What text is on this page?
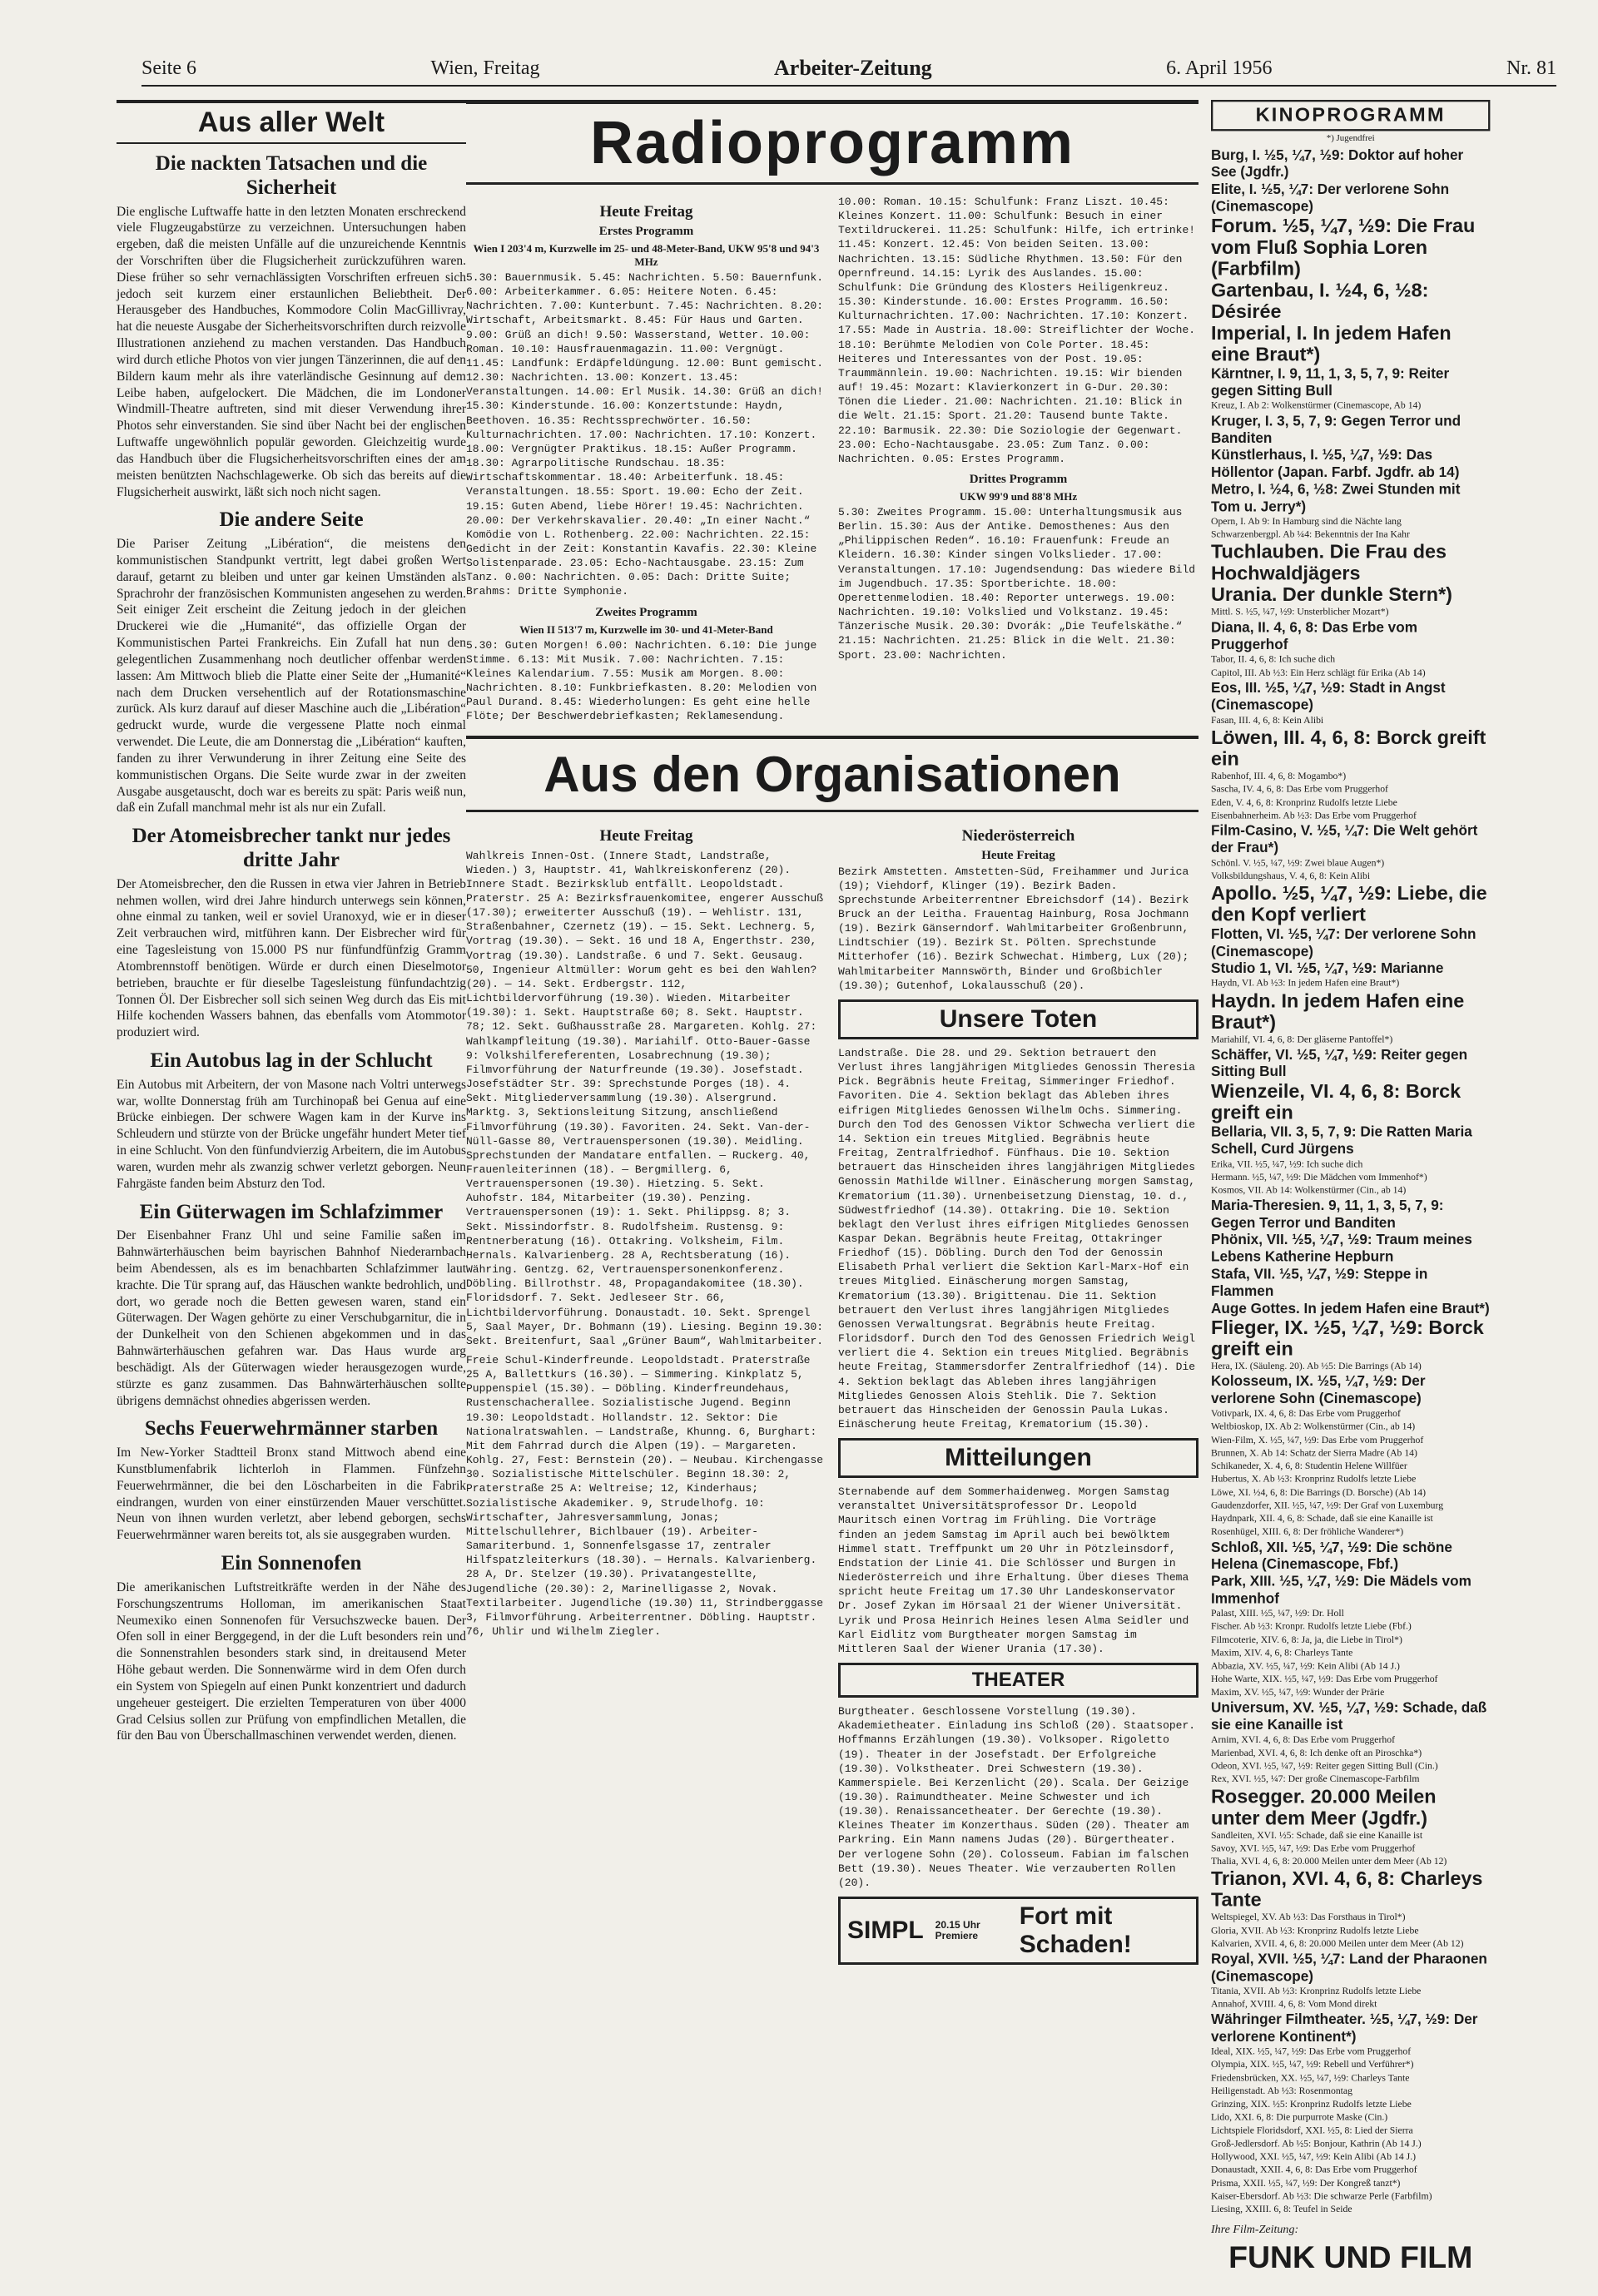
Seite 6	Wien, Freitag	Arbeiter-Zeitung	6. April 1956	Nr. 81
Aus aller Welt
Die nackten Tatsachen und die Sicherheit
Die englische Luftwaffe hatte in den letzten Monaten erschreckend viele Flugzeugabstürze zu verzeichnen. Untersuchungen haben ergeben, daß die meisten Unfälle auf die unzureichende Kenntnis der Vorschriften über die Flugsicherheit zurückzuführen waren. Diese früher so sehr vernachlässigten Vorschriften erfreuen sich jedoch seit kurzem einer erstaunlichen Beliebtheit. Der Herausgeber des Handbuches, Kommodore Colin MacGillivray, hat die neueste Ausgabe der Sicherheitsvorschriften durch reizvolle Illustrationen anziehend zu machen verstanden. Das Handbuch wird durch etliche Photos von vier jungen Tänzerinnen, die auf den Bildern kaum mehr als ihre vaterländische Gesinnung auf dem Leibe haben, aufgelockert. Die Mädchen, die im Londoner Windmill-Theatre auftreten, sind mit dieser Verwendung ihrer Photos sehr einverstanden. Sie sind über Nacht bei der englischen Luftwaffe ungewöhnlich populär geworden. Gleichzeitig wurde das Handbuch über die Flugsicherheitsvorschriften eines der am meisten benützten Nachschlagewerke. Ob sich das bereits auf die Flugsicherheit auswirkt, läßt sich noch nicht sagen.
Die andere Seite
Die Pariser Zeitung „Libération“, die meistens den kommunistischen Standpunkt vertritt, legt dabei großen Wert darauf, getarnt zu bleiben und unter gar keinen Umständen als Sprachrohr der französischen Kommunisten angesehen zu werden. Seit einiger Zeit erscheint die Zeitung jedoch in der gleichen Druckerei wie die „Humanité“, das offizielle Organ der Kommunistischen Partei Frankreichs. Ein Zufall hat nun den gelegentlichen Zusammenhang noch deutlicher offenbar werden lassen: Am Mittwoch blieb die Platte einer Seite der „Humanité“ nach dem Drucken versehentlich auf der Rotationsmaschine zurück. Als kurz darauf auf dieser Maschine auch die „Libération“ gedruckt wurde, wurde die vergessene Platte noch einmal verwendet. Die Leute, die am Donnerstag die „Libération“ kauften, fanden zu ihrer Verwunderung in ihrer Zeitung eine Seite des kommunistischen Organs. Die Seite wurde zwar in der zweiten Ausgabe ausgetauscht, doch war es bereits zu spät: Paris weiß nun, daß ein Zufall manchmal mehr ist als nur ein Zufall.
Der Atomeisbrecher tankt nur jedes dritte Jahr
Der Atomeisbrecher, den die Russen in etwa vier Jahren in Betrieb nehmen wollen, wird drei Jahre hindurch unterwegs sein können, ohne einmal zu tanken, weil er soviel Uranoxyd, wie er in dieser Zeit verbrauchen wird, mitführen kann. Der Eisbrecher wird für eine Tagesleistung von 15.000 PS nur fünfundfünfzig Gramm Atombrennstoff benötigen. Würde er durch einen Dieselmotor betrieben, brauchte er für dieselbe Tagesleistung fünfundachtzig Tonnen Öl. Der Eisbrecher soll sich seinen Weg durch das Eis mit Hilfe kochenden Wassers bahnen, das ebenfalls vom Atommotor produziert wird.
Ein Autobus lag in der Schlucht
Ein Autobus mit Arbeitern, der von Masone nach Voltri unterwegs war, wollte Donnerstag früh am Turchinopaß bei Genua auf eine Brücke einbiegen. Der schwere Wagen kam in der Kurve ins Schleudern und stürzte von der Brücke ungefähr hundert Meter tief in eine Schlucht. Von den fünfundvierzig Arbeitern, die im Autobus waren, wurden mehr als zwanzig schwer verletzt geborgen. Neun Fahrgäste fanden beim Absturz den Tod.
Ein Güterwagen im Schlafzimmer
Der Eisenbahner Franz Uhl und seine Familie saßen im Bahnwärterhäuschen beim bayrischen Bahnhof Niederarnbach beim Abendessen, als es im benachbarten Schlafzimmer laut krachte. Die Tür sprang auf, das Häuschen wankte bedrohlich, und dort, wo gerade noch die Betten gewesen waren, stand ein Güterwagen. Der Wagen gehörte zu einer Verschubgarnitur, die in der Dunkelheit von den Schienen abgekommen und in das Bahnwärterhäuschen gefahren war. Das Haus wurde arg beschädigt. Als der Güterwagen wieder herausgezogen wurde, stürzte es ganz zusammen. Das Bahnwärterhäuschen sollte übrigens demnächst ohnedies abgerissen werden.
Sechs Feuerwehrmänner starben
Im New-Yorker Stadtteil Bronx stand Mittwoch abend eine Kunstblumenfabrik lichterloh in Flammen. Fünfzehn Feuerwehrmänner, die bei den Löscharbeiten in die Fabrik eindrangen, wurden von einer einstürzenden Mauer verschüttet. Neun von ihnen wurden verletzt, aber lebend geborgen, sechs Feuerwehrmänner waren bereits tot, als sie ausgegraben wurden.
Ein Sonnenofen
Die amerikanischen Luftstreitkräfte werden in der Nähe des Forschungszentrums Holloman, im amerikanischen Staat Neumexiko einen Sonnenofen für Versuchszwecke bauen. Der Ofen soll in einer Berggegend, in der die Luft besonders rein und die Sonnenstrahlen besonders stark sind, in dreitausend Meter Höhe gebaut werden. Die Sonnenwärme wird in dem Ofen durch ein System von Spiegeln auf einen Punkt konzentriert und dadurch ungeheuer gesteigert. Die erzielten Temperaturen von über 4000 Grad Celsius sollen zur Prüfung von empfindlichen Metallen, die für den Bau von Überschallmaschinen verwendet werden, dienen.
Radioprogramm
Heute Freitag
Erstes Programm
Wien I 203'4 m, Kurzwelle im 25- und 48-Meter-Band, UKW 95'8 und 94'3 MHz
5.30: Bauernmusik. 5.45: Nachrichten. 5.50: Bauernfunk. 6.00: Arbeiterkammer. 6.05: Heitere Noten. 6.45: Nachrichten. 7.00: Kunterbunt. 7.45: Nachrichten. 8.20: Wirtschaft, Arbeitsmarkt. 8.45: Für Haus und Garten. 9.00: Grüß an dich! 9.50: Wasserstand, Wetter. 10.00: Roman. 10.10: Hausfrauenmagazin. 11.00: Vergnügt. 11.45: Landfunk: Erdäpfeldüngung. 12.00: Bunt gemischt. 12.30: Nachrichten. 13.00: Konzert. 13.45: Veranstaltungen. 14.00: Erl Musik. 14.30: Grüß an dich! 15.30: Kinderstunde. 16.00: Konzertstunde: Haydn, Beethoven. 16.35: Rechtssprechwörter. 16.50: Kulturnachrichten. 17.00: Nachrichten. 17.10: Konzert. 18.00: Vergnügter Praktikus. 18.15: Außer Programm. 18.30: Agrarpolitische Rundschau. 18.35: Wirtschaftskommentar. 18.40: Arbeiterfunk. 18.45: Veranstaltungen. 18.55: Sport. 19.00: Echo der Zeit. 19.15: Guten Abend, liebe Hörer! 19.45: Nachrichten. 20.00: Der Verkehrskavalier. 20.40: „In einer Nacht.“ Komödie von L. Rothenberg. 22.00: Nachrichten. 22.15: Gedicht in der Zeit: Konstantin Kavafis. 22.30: Kleine Solistenparade. 23.05: Echo-Nachtausgabe. 23.15: Zum Tanz. 0.00: Nachrichten. 0.05: Dach: Dritte Suite; Brahms: Dritte Symphonie.
Zweites Programm
Wien II 513'7 m, Kurzwelle im 30- und 41-Meter-Band
5.30: Guten Morgen! 6.00: Nachrichten. 6.10: Die junge Stimme. 6.13: Mit Musik. 7.00: Nachrichten. 7.15: Kleines Kalendarium. 7.55: Musik am Morgen. 8.00: Nachrichten. 8.10: Funkbriefkasten. 8.20: Melodien von Paul Durand. 8.45: Wiederholungen: Es geht eine helle Flöte; Der Beschwerdebriefkasten; Reklamesendung.
10.00: Roman. 10.15: Schulfunk: Franz Liszt. 10.45: Kleines Konzert. 11.00: Schulfunk: Besuch in einer Textildruckerei. 11.25: Schulfunk: Hilfe, ich ertrinke! 11.45: Konzert. 12.45: Von beiden Seiten. 13.00: Nachrichten. 13.15: Südliche Rhythmen. 13.50: Für den Opernfreund. 14.15: Lyrik des Auslandes. 15.00: Schulfunk: Die Gründung des Klosters Heiligenkreuz. 15.30: Kinderstunde. 16.00: Erstes Programm. 16.50: Kulturnachrichten. 17.00: Nachrichten. 17.10: Konzert. 17.55: Made in Austria. 18.00: Streiflichter der Woche. 18.10: Berühmte Melodien von Cole Porter. 18.45: Heiteres und Interessantes von der Post. 19.05: Traummännlein. 19.00: Nachrichten. 19.15: Wir bienden auf! 19.45: Mozart: Klavierkonzert in G-Dur. 20.30: Tönen die Lieder. 21.00: Nachrichten. 21.10: Blick in die Welt. 21.15: Sport. 21.20: Tausend bunte Takte. 22.10: Barmusik. 22.30: Die Soziologie der Gegenwart. 23.00: Echo-Nachtausgabe. 23.05: Zum Tanz. 0.00: Nachrichten. 0.05: Erstes Programm.
Drittes Programm
UKW 99'9 und 88'8 MHz
5.30: Zweites Programm. 15.00: Unterhaltungsmusik aus Berlin. 15.30: Aus der Antike. Demosthenes: Aus den „Philippischen Reden“. 16.10: Frauenfunk: Freude an Kleidern. 16.30: Kinder singen Volkslieder. 17.00: Veranstaltungen. 17.10: Jugendsendung: Das wiedere Bild im Jugendbuch. 17.35: Sportberichte. 18.00: Operettenmelodien. 18.40: Reporter unterwegs. 19.00: Nachrichten. 19.10: Volkslied und Volkstanz. 19.45: Tänzerische Musik. 20.30: Dvorák: „Die Teufelskäthe.“ 21.15: Nachrichten. 21.25: Blick in die Welt. 21.30: Sport. 23.00: Nachrichten.
Aus den Organisationen
Heute Freitag
Wahlkreis Innen-Ost. (Innere Stadt, Landstraße, Wieden.) 3, Hauptstr. 41, Wahlkreiskonferenz (20). Innere Stadt. Bezirksklub entfällt. Leopoldstadt. Praterstr. 25 A: Bezirksfrauenkomitee, engerer Ausschuß (17.30); erweiterter Ausschuß (19). — Wehlistr. 131, Straßenbahner, Czernetz (19). — 15. Sekt. Lechnerg. 5, Vortrag (19.30). — Sekt. 16 und 18 A, Engerthstr. 230, Vortrag (19.30). Landstraße. 6 und 7. Sekt. Geusaug. 50, Ingenieur Altmüller: Worum geht es bei den Wahlen? (20). — 14. Sekt. Erdbergstr. 112, Lichtbildervorführung (19.30). Wieden. Mitarbeiter (19.30): 1. Sekt. Hauptstraße 60; 8. Sekt. Hauptstr. 78; 12. Sekt. Gußhausstraße 28. Margareten. Kohlg. 27: Wahlkampfleitung (19.30). Mariahilf. Otto-Bauer-Gasse 9: Volkshilfereferenten, Losabrechnung (19.30); Filmvorführung der Naturfreunde (19.30). Josefstadt. Josefstädter Str. 39: Sprechstunde Porges (18). 4. Sekt. Mitgliederversammlung (19.30). Alsergrund. Marktg. 3, Sektionsleitung Sitzung, anschließend Filmvorführung (19.30). Favoriten. 24. Sekt. Van-der-Nüll-Gasse 80, Vertrauenspersonen (19.30). Meidling. Sprechstunden der Mandatare entfallen. — Ruckerg. 40, Frauenleiterinnen (18). — Bergmillerg. 6, Vertrauenspersonen (19.30). Hietzing. 5. Sekt. Auhofstr. 184, Mitarbeiter (19.30). Penzing. Vertrauenspersonen (19): 1. Sekt. Philippsg. 8; 3. Sekt. Missindorfstr. 8. Rudolfsheim. Rustensg. 9: Rentnerberatung (16). Ottakring. Volksheim, Film. Hernals. Kalvarienberg. 28 A, Rechtsberatung (16). Währing. Gentzg. 62, Vertrauenspersonenkonferenz. Döbling. Billrothstr. 48, Propagandakomitee (18.30). Floridsdorf. 7. Sekt. Jedleseer Str. 66, Lichtbildervorführung. Donaustadt. 10. Sekt. Sprengel 5, Saal Mayer, Dr. Bohmann (19). Liesing. Beginn 19.30: Sekt. Breitenfurt, Saal „Grüner Baum“, Wahlmitarbeiter.
Freie Schul-Kinderfreunde. Leopoldstadt. Praterstraße 25 A, Ballettkurs (16.30). — Simmering. Kinkplatz 5, Puppenspiel (15.30). — Döbling. Kinderfreundehaus, Rustenschacherallee. Sozialistische Jugend. Beginn 19.30: Leopoldstadt. Hollandstr. 12. Sektor: Die Nationalratswahlen. — Landstraße, Khunng. 6, Burghart: Mit dem Fahrrad durch die Alpen (19). — Margareten. Kohlg. 27, Fest: Bernstein (20). — Neubau. Kirchengasse 30. Sozialistische Mittelschüler. Beginn 18.30: 2, Praterstraße 25 A: Weltreise; 12, Kinderhaus; Sozialistische Akademiker. 9, Strudelhofg. 10: Wirtschafter, Jahresversammlung, Jonas; Mittelschullehrer, Bichlbauer (19). Arbeiter-Samariterbund. 1, Sonnenfelsgasse 17, zentraler Hilfspatzleiterkurs (18.30). — Hernals. Kalvarienberg. 28 A, Dr. Stelzer (19.30). Privatangestellte, Jugendliche (20.30): 2, Marinelligasse 2, Novak. Textilarbeiter. Jugendliche (19.30) 11, Strindberggasse 3, Filmvorführung. Arbeiterrentner. Döbling. Hauptstr. 76, Uhlir und Wilhelm Ziegler.
Niederösterreich
Heute Freitag
Bezirk Amstetten. Amstetten-Süd, Freihammer und Jurica (19); Viehdorf, Klinger (19). Bezirk Baden. Sprechstunde Arbeiterrentner Ebreichsdorf (14). Bezirk Bruck an der Leitha. Frauentag Hainburg, Rosa Jochmann (19). Bezirk Gänserndorf. Wahlmitarbeiter Großenbrunn, Lindtschier (19). Bezirk St. Pölten. Sprechstunde Mitterhofer (16). Bezirk Schwechat. Himberg, Lux (20); Wahlmitarbeiter Mannswörth, Binder und Großbichler (19.30); Gutenhof, Lokalausschuß (20).
Unsere Toten
Landstraße. Die 28. und 29. Sektion betrauert den Verlust ihres langjährigen Mitgliedes Genossin Theresia Pick. Begräbnis heute Freitag, Simmeringer Friedhof. Favoriten. Die 4. Sektion beklagt das Ableben ihres eifrigen Mitgliedes Genossen Wilhelm Ochs. Simmering. Durch den Tod des Genossen Viktor Schwecha verliert die 14. Sektion ein treues Mitglied. Begräbnis heute Freitag, Zentralfriedhof. Fünfhaus. Die 10. Sektion betrauert das Hinscheiden ihres langjährigen Mitgliedes Genossin Mathilde Willner. Einäscherung morgen Samstag, Krematorium (11.30). Urnenbeisetzung Dienstag, 10. d., Südwestfriedhof (14.30). Ottakring. Die 10. Sektion beklagt den Verlust ihres eifrigen Mitgliedes Genossen Kaspar Dekan. Begräbnis heute Freitag, Ottakringer Friedhof (15). Döbling. Durch den Tod der Genossin Elisabeth Prhal verliert die Sektion Karl-Marx-Hof ein treues Mitglied. Einäscherung morgen Samstag, Krematorium (13.30). Brigittenau. Die 11. Sektion betrauert den Verlust ihres langjährigen Mitgliedes Genossen Verwaltungsrat. Begräbnis heute Freitag. Floridsdorf. Durch den Tod des Genossen Friedrich Weigl verliert die 4. Sektion ein treues Mitglied. Begräbnis heute Freitag, Stammersdorfer Zentralfriedhof (14). Die 4. Sektion beklagt das Ableben ihres langjährigen Mitgliedes Genossen Alois Stehlik. Die 7. Sektion betrauert das Hinscheiden der Genossin Paula Lukas. Einäscherung heute Freitag, Krematorium (15.30).
Mitteilungen
Sternabende auf dem Sommerhaidenweg. Morgen Samstag veranstaltet Universitätsprofessor Dr. Leopold Mauritsch einen Vortrag im Frühling. Die Vorträge finden an jedem Samstag im April auch bei bewölktem Himmel statt. Treffpunkt um 20 Uhr in Pötzleinsdorf, Endstation der Linie 41. Die Schlösser und Burgen in Niederösterreich und ihre Erhaltung. Über dieses Thema spricht heute Freitag um 17.30 Uhr Landeskonservator Dr. Josef Zykan im Hörsaal 21 der Wiener Universität. Lyrik und Prosa Heinrich Heines lesen Alma Seidler und Karl Eidlitz vom Burgtheater morgen Samstag im Mittleren Saal der Wiener Urania (17.30).
THEATER
Burgtheater. Geschlossene Vorstellung (19.30). Akademietheater. Einladung ins Schloß (20). Staatsoper. Hoffmanns Erzählungen (19.30). Volksoper. Rigoletto (19). Theater in der Josefstadt. Der Erfolgreiche (19.30). Volkstheater. Drei Schwestern (19.30). Kammerspiele. Bei Kerzenlicht (20). Scala. Der Geizige (19.30). Raimundtheater. Meine Schwester und ich (19.30). Renaissancetheater. Der Gerechte (19.30). Kleines Theater im Konzerthaus. Süden (20). Theater am Parkring. Ein Mann namens Judas (20). Bürgertheater. Der verlogene Sohn (20). Colosseum. Fabian im falschen Bett (19.30). Neues Theater. Wie verzauberten Rollen (20).
SIMPL 20.15 Uhr Premiere
Fort mit Schaden!
KINOPROGRAMM
*) Jugendfrei
Burg, I. ½5, ¼7, ½9: Doktor auf hoher See (Jgdfr.)
Elite, I. ½5, ¼7: Der verlorene Sohn (Cinemascope)
Forum. ½5, ¼7, ½9: Die Frau vom Fluß Sophia Loren (Farbfilm)
Gartenbau, I. ½4, 6, ½8: Désirée
Imperial, I. In jedem Hafen eine Braut*)
Kärntner, I. 9, 11, 1, 3, 5, 7, 9: Reiter gegen Sitting Bull
Kreuz, I. Ab 2: Wolkenstürmer (Cinemascope, Ab 14)
Kruger, I. 3, 5, 7, 9: Gegen Terror und Banditen
Künstlerhaus, I. ½5, ¼7, ½9: Das Höllentor (Japan. Farbf. Jgdfr. ab 14)
Metro, I. ½4, 6, ½8: Zwei Stunden mit Tom u. Jerry*)
Opern, I. Ab 9: In Hamburg sind die Nächte lang
Schwarzenbergpl. Ab ¼4: Bekenntnis der Ina Kahr
Tuchlauben. Die Frau des Hochwaldjägers
Urania. Der dunkle Stern*)
Mittl. S. ½5, ¼7, ½9: Unsterblicher Mozart*)
Diana, II. 4, 6, 8: Das Erbe vom Pruggerhof
Tabor, II. 4, 6, 8: Ich suche dich
Capitol, III. Ab ½3: Ein Herz schlägt für Erika (Ab 14)
Eos, III. ½5, ¼7, ½9: Stadt in Angst (Cinemascope)
Fasan, III. 4, 6, 8: Kein Alibi
Löwen, III. 4, 6, 8: Borck greift ein
Rabenhof, III. 4, 6, 8: Mogambo*)
Sascha, IV. 4, 6, 8: Das Erbe vom Pruggerhof
Eden, V. 4, 6, 8: Kronprinz Rudolfs letzte Liebe
Eisenbahnerheim. Ab ½3: Das Erbe vom Pruggerhof
Film-Casino, V. ½5, ¼7: Die Welt gehört der Frau*)
Schönl. V. ½5, ¼7, ½9: Zwei blaue Augen*)
Volksbildungshaus, V. 4, 6, 8: Kein Alibi
Apollo. ½5, ¼7, ½9: Liebe, die den Kopf verliert
Flotten, VI. ½5, ¼7: Der verlorene Sohn (Cinemascope)
Studio 1, VI. ½5, ¼7, ½9: Marianne
Haydn, VI. Ab ½3: In jedem Hafen eine Braut*)
Haydn. In jedem Hafen eine Braut*)
Mariahilf, VI. 4, 6, 8: Der gläserne Pantoffel*)
Schäffer, VI. ½5, ¼7, ½9: Reiter gegen Sitting Bull
Wienzeile, VI. 4, 6, 8: Borck greift ein
Bellaria, VII. 3, 5, 7, 9: Die Ratten Maria Schell, Curd Jürgens
Erika, VII. ½5, ¼7, ½9: Ich suche dich
Hermann. ½5, ¼7, ½9: Die Mädchen vom Immenhof*)
Kosmos, VII. Ab 14: Wolkenstürmer (Cin., ab 14)
Maria-Theresien. 9, 11, 1, 3, 5, 7, 9: Gegen Terror und Banditen
Phönix, VII. ½5, ¼7, ½9: Traum meines Lebens Katherine Hepburn
Stafa, VII. ½5, ¼7, ½9: Steppe in Flammen
Auge Gottes. In jedem Hafen eine Braut*)
Flieger, IX. ½5, ¼7, ½9: Borck greift ein
Hera, IX. (Säuleng. 20). Ab ½5: Die Barrings (Ab 14)
Kolosseum, IX. ½5, ¼7, ½9: Der verlorene Sohn (Cinemascope)
Votivpark, IX. 4, 6, 8: Das Erbe vom Pruggerhof
Weltbioskop, IX. Ab 2: Wolkenstürmer (Cin., ab 14)
Wien-Film, X. ½5, ¼7, ½9: Das Erbe vom Pruggerhof
Brunnen, X. Ab 14: Schatz der Sierra Madre (Ab 14)
Schikaneder, X. 4, 6, 8: Studentin Helene Willfüer
Hubertus, X. Ab ½3: Kronprinz Rudolfs letzte Liebe
Löwe, XI. ½4, 6, 8: Die Barrings (D. Borsche) (Ab 14)
Gaudenzdorfer, XII. ½5, ¼7, ½9: Der Graf von Luxemburg
Haydnpark, XII. 4, 6, 8: Schade, daß sie eine Kanaille ist
Rosenhügel, XIII. 6, 8: Der fröhliche Wanderer*)
Schloß, XII. ½5, ¼7, ½9: Die schöne Helena (Cinemascope, Fbf.)
Park, XIII. ½5, ¼7, ½9: Die Mädels vom Immenhof
Palast, XIII. ½5, ¼7, ½9: Dr. Holl
Fischer. Ab ½3: Kronpr. Rudolfs letzte Liebe (Fbf.)
Filmcoterie, XIV. 6, 8: Ja, ja, die Liebe in Tirol*)
Maxim, XIV. 4, 6, 8: Charleys Tante
Abbazia, XV. ½5, ¼7, ½9: Kein Alibi (Ab 14 J.)
Hohe Warte, XIX. ½5, ¼7, ½9: Das Erbe vom Pruggerhof
Maxim, XV. ½5, ¼7, ½9: Wunder der Prärie
Universum, XV. ½5, ¼7, ½9: Schade, daß sie eine Kanaille ist
Arnim, XVI. 4, 6, 8: Das Erbe vom Pruggerhof
Marienbad, XVI. 4, 6, 8: Ich denke oft an Piroschka*)
Odeon, XVI. ½5, ¼7, ½9: Reiter gegen Sitting Bull (Cin.)
Rex, XVI. ½5, ¼7: Der große Cinemascope-Farbfilm
Rosegger. 20.000 Meilen unter dem Meer (Jgdfr.)
Sandleiten, XVI. ½5: Schade, daß sie eine Kanaille ist
Savoy, XVI. ½5, ¼7, ½9: Das Erbe vom Pruggerhof
Thalia, XVI. 4, 6, 8: 20.000 Meilen unter dem Meer (Ab 12)
Trianon, XVI. 4, 6, 8: Charleys Tante
Weltspiegel, XV. Ab ½3: Das Forsthaus in Tirol*)
Gloria, XVII. Ab ½3: Kronprinz Rudolfs letzte Liebe
Kalvarien, XVII. 4, 6, 8: 20.000 Meilen unter dem Meer (Ab 12)
Royal, XVII. ½5, ¼7: Land der Pharaonen (Cinemascope)
Titania, XVII. Ab ½3: Kronprinz Rudolfs letzte Liebe
Annahof, XVIII. 4, 6, 8: Vom Mond direkt
Währinger Filmtheater. ½5, ¼7, ½9: Der verlorene Kontinent*)
Ideal, XIX. ½5, ¼7, ½9: Das Erbe vom Pruggerhof
Olympia, XIX. ½5, ¼7, ½9: Rebell und Verführer*)
Friedensbrücken, XX. ½5, ¼7, ½9: Charleys Tante
Heiligenstadt. Ab ½3: Rosenmontag
Grinzing, XIX. ½5: Kronprinz Rudolfs letzte Liebe
Lido, XXI. 6, 8: Die purpurrote Maske (Cin.)
Lichtspiele Floridsdorf, XXI. ½5, 8: Lied der Sierra
Groß-Jedlersdorf. Ab ½5: Bonjour, Kathrin (Ab 14 J.)
Hollywood, XXI. ½5, ¼7, ½9: Kein Alibi (Ab 14 J.)
Donaustadt, XXII. 4, 6, 8: Das Erbe vom Pruggerhof
Prisma, XXII. ½5, ¼7, ½9: Der Kongreß tanzt*)
Kaiser-Ebersdorf. Ab ½3: Die schwarze Perle (Farbfilm)
Liesing, XXIII. 6, 8: Teufel in Seide
Ihre Film-Zeitung:
FUNK UND FILM
